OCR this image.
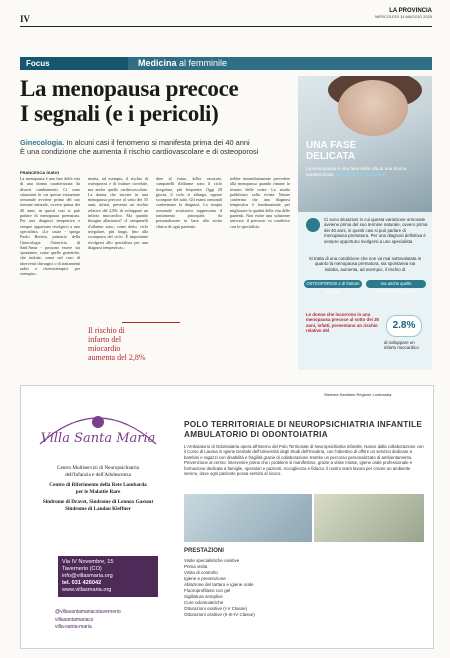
IV
LA PROVINCIA
MERCOLEDÌ 14 MAGGIO 2025
Focus	Medicina al femminile
La menopausa precoce
I segnali (e i pericoli)
Ginecologia. In alcuni casi il fenomeno si manifesta prima dei 40 anni
È una condizione che aumenta il rischio cardiovascolare e di osteoporosi
FRANCESCA GUIDO
La menopausa è una fase della vita di una donna caratterizzata da diversi cambiamenti. Ci sono situazioni in cui questa variazione ormonale avviene prima del suo termine naturale, ovvero prima dei 40 anni, in questi casi si può parlare di menopausa prematura. Per una diagnosi tempestiva e sempre opportuno rivolgersi a uno specialista. «Le cause - spiega Paolo Beretta, primario della Ginecologia Ostetricia di Sant'Anna - possono essere sia spontanee, come quelle genetiche, che indotte, come nel caso di interventi chirurgici o di trattamenti radio o chemioterapici per esempio».
menta, ad esempio, il rischio di osteoporosi e di fratture correlate, ma anche quello cardiovascolare. La donna che incorre in una menopausa precoce al sotto dei 35 anni, infatti, presenta un rischio relativo del 2,8% di sviluppare un infarto miocardico. Ma quando bisogna allarmarsi? «I campanelli d'allarme sono, come detto, ciclo irregolare, più lungo, fino alla scomparsa del ciclo. È importante rivolgersi allo specialista per una diagnosi tempestiva».
dine al fumo, killer oscurato, campanelli d'allarme sono il ciclo irregolare, più frequente. Oggi 28 giorni, il ciclo si allunga, oppure scompare del tutto. Gli esami ormonali confermano la diagnosi. La terapia ormonale sostitutiva rappresenta il trattamento principale, da personalizzare in base alla storia clinica di ogni paziente.
trebbe immediatamente prevedere alla menopausa quando rimane lo tessuto delle ovaie. Lo studio pubblicato sulla rivista Nature conferma che una diagnosi tempestiva è fondamentale per migliorare la qualità della vita delle pazienti. Non esiste una soluzione univoca: il percorso va condiviso con lo specialista.
Il rischio di infarto del miocardio aumenta del 2,8%
UNA FASE
DELICATA
La menopausa è una fase della vita di una donna caratterizzata da diversi cambiamenti
Ci sono situazioni in cui questa variazione ormonale avviene prima del suo termine naturale, ovvero prima dei 40 anni, in questi casi si può parlare di menopausa prematura. Per una diagnosi definitiva è sempre opportuno rivolgersi a uno specialista
Si tratta di una condizione che non va mai sottovalutata in quanto la menopausa prematura, sia spontanea sia indotta, aumenta, ad esempio, il rischio di
OSTEOPOROSI e di fratture correlate
ma anche quello CARDIOVASCOLARE
Le donne che incorrono in una menopausa precoce al sotto dei 35 anni, infatti, presentano un rischio relativo del	2.8%
di sviluppare un infarto miocardico
Villa Santa Maria
Centro Multiservizi di Neuropsichiatria
dell'Infanzia e dell'Adolescenza
Centro di Riferimento della Rete Lombarda
per le Malattie Rare
Sindrome di Dravet, Sindrome di Lennox Gastaut
Sindrome di Landau Kleffner
Via IV Novembre, 15
Tavernerio (CO)
info@villasmaria.org
tel. 031 426042
www.villasmaria.org
@villasantamariacstavernerio
villasantamariacs
villa-santa-maria
Sistema Sanitario Regione Lombardia
POLO TERRITORIALE DI NEUROPSICHIATRIA INFANTILE
AMBULATORIO DI ODONTOIATRIA
L'Ambulatorio di Odontoiatria opera all'interno del Polo Territoriale di Neuropsichiatria Infantile. Nasce dalla collaborazione con il Corso di Laurea in Igiene Dentale dell'Università degli Studi dell'Insubria, con l'obiettivo di offrire un servizio dedicato a bambini e ragazzi con disabilità e fragilità grazie di collaborazione tramite un percorso personalizzato di ambientamento. Prevenzione al centro: intervenire prima che i problemi si manifestino, grazie a visite mirate, igiene orale professionale e formazione dedicata a famiglie, operatori e pazienti. Accoglienza e fiducia: il nostro team lavora per creare un ambiente sereno, dove ogni paziente possa sentirsi al sicuro.
PRESTAZIONI
Visite specialistiche ossitive
Prima visita
Visita di controllo
Igiene e prevenzione
Ablazione del tartaro e igiene orale
Fluoroprofilassi con gel
Sigillatura semplice
Cure odontoiatriche
Otturazioni ossitive (I-V Classe)
Otturazioni ossitive (II-III-IV Classe)
